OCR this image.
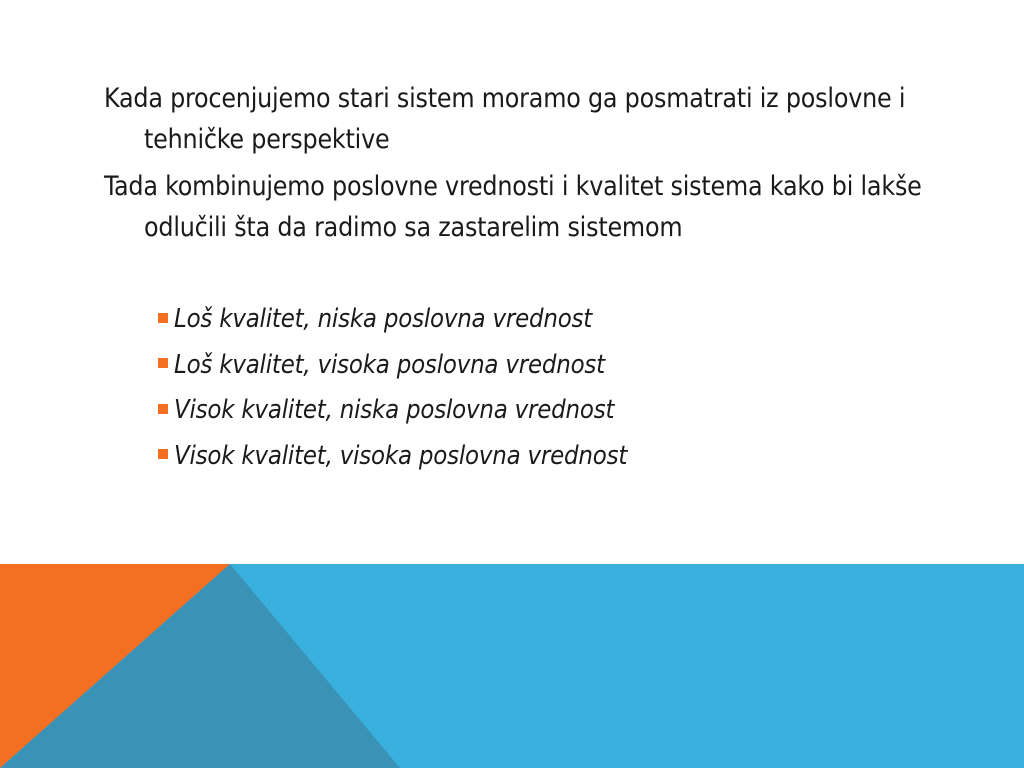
Kada procenjujemo stari sistem moramo ga posmatrati iz poslovne i tehničke perspektive

Tada kombinujemo poslovne vrednosti i kvalitet sistema kako bi lakše odlučili šta da radimo sa zastarelim sistemom

Loš kvalitet, niska poslovna vrednost
Loš kvalitet, visoka poslovna vrednost
Visok kvalitet, niska poslovna vrednost
Visok kvalitet, visoka poslovna vrednost
